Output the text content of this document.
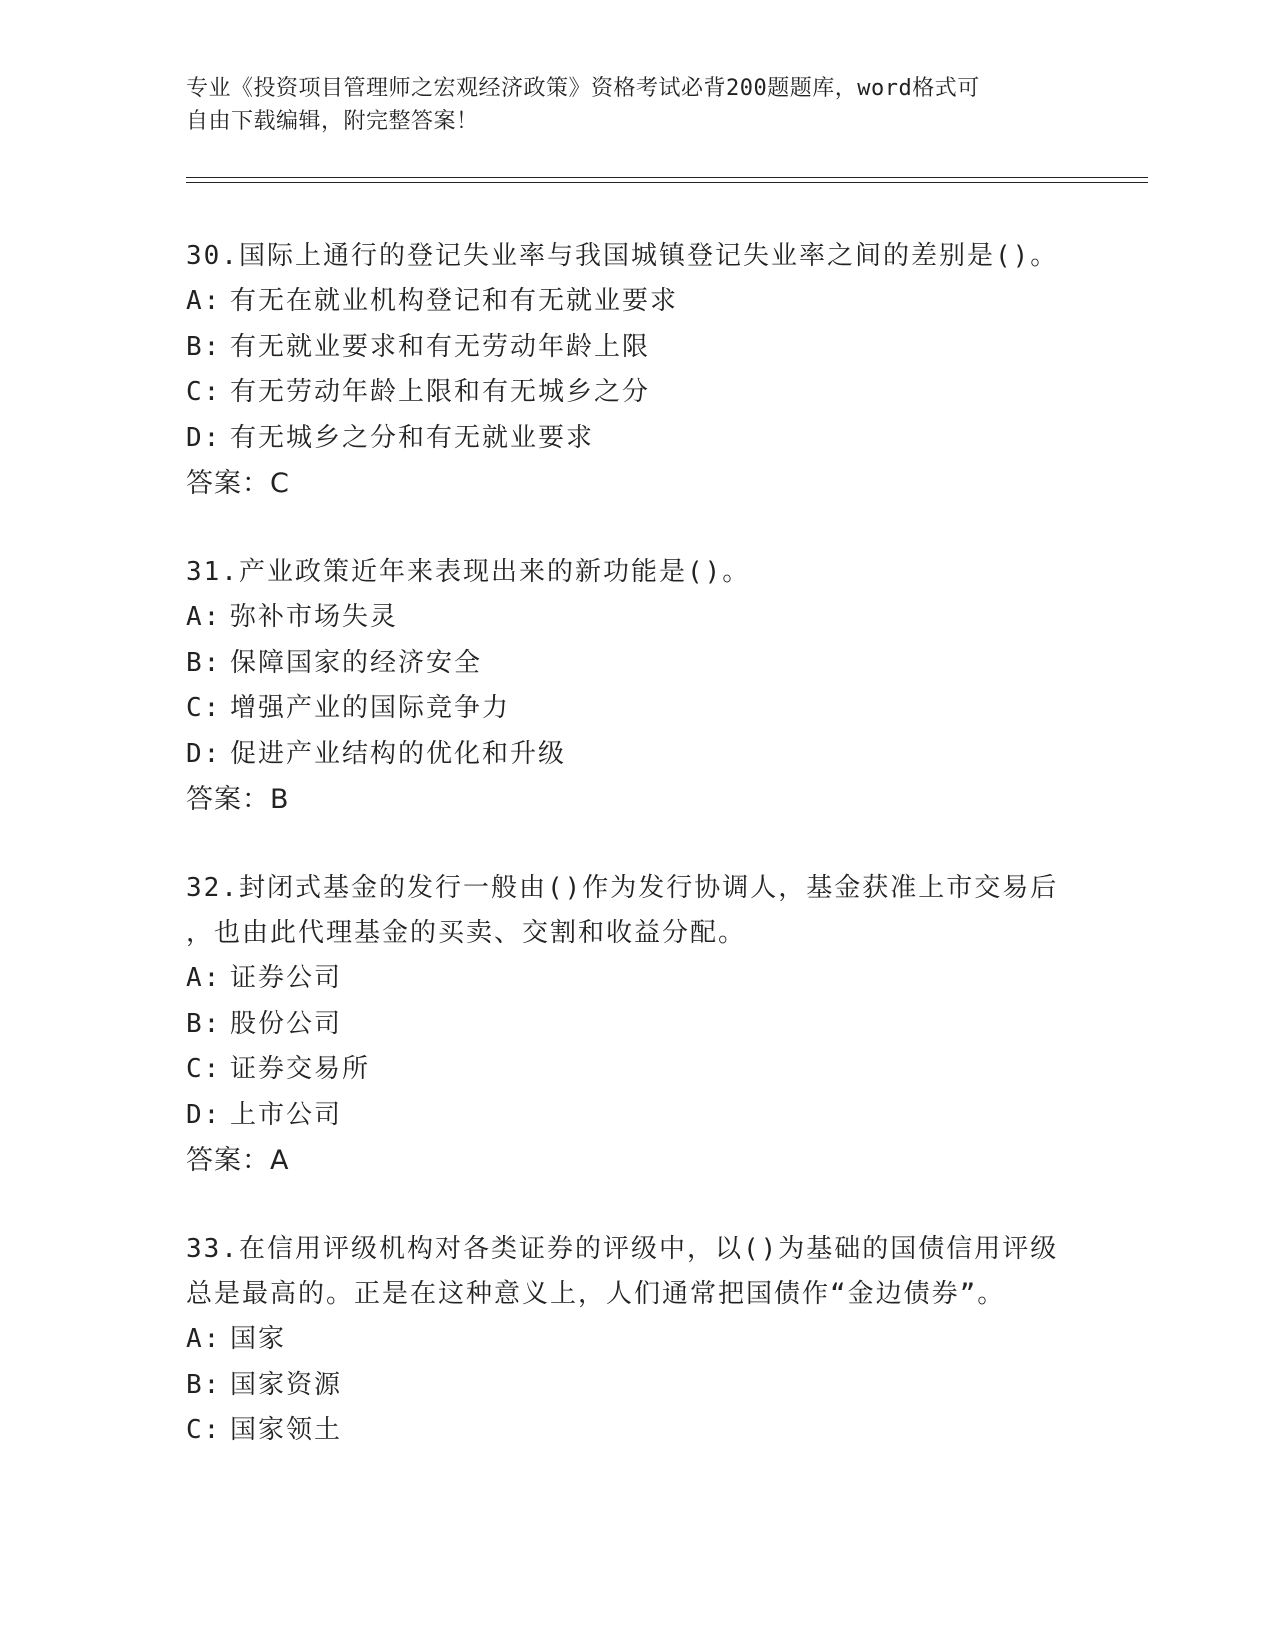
专业《投资项目管理师之宏观经济政策》资格考试必背200题题库，word格式可
自由下载编辑，附完整答案！
30.国际上通行的登记失业率与我国城镇登记失业率之间的差别是()。
A: 有无在就业机构登记和有无就业要求
B: 有无就业要求和有无劳动年龄上限
C: 有无劳动年龄上限和有无城乡之分
D: 有无城乡之分和有无就业要求
答案：C
31.产业政策近年来表现出来的新功能是()。
A: 弥补市场失灵
B: 保障国家的经济安全
C: 增强产业的国际竞争力
D: 促进产业结构的优化和升级
答案：B
32.封闭式基金的发行一般由()作为发行协调人，基金获准上市交易后
，也由此代理基金的买卖、交割和收益分配。
A: 证券公司
B: 股份公司
C: 证券交易所
D: 上市公司
答案：A
33.在信用评级机构对各类证券的评级中，以()为基础的国债信用评级
总是最高的。正是在这种意义上，人们通常把国债作“金边债券”。
A: 国家
B: 国家资源
C: 国家领土
